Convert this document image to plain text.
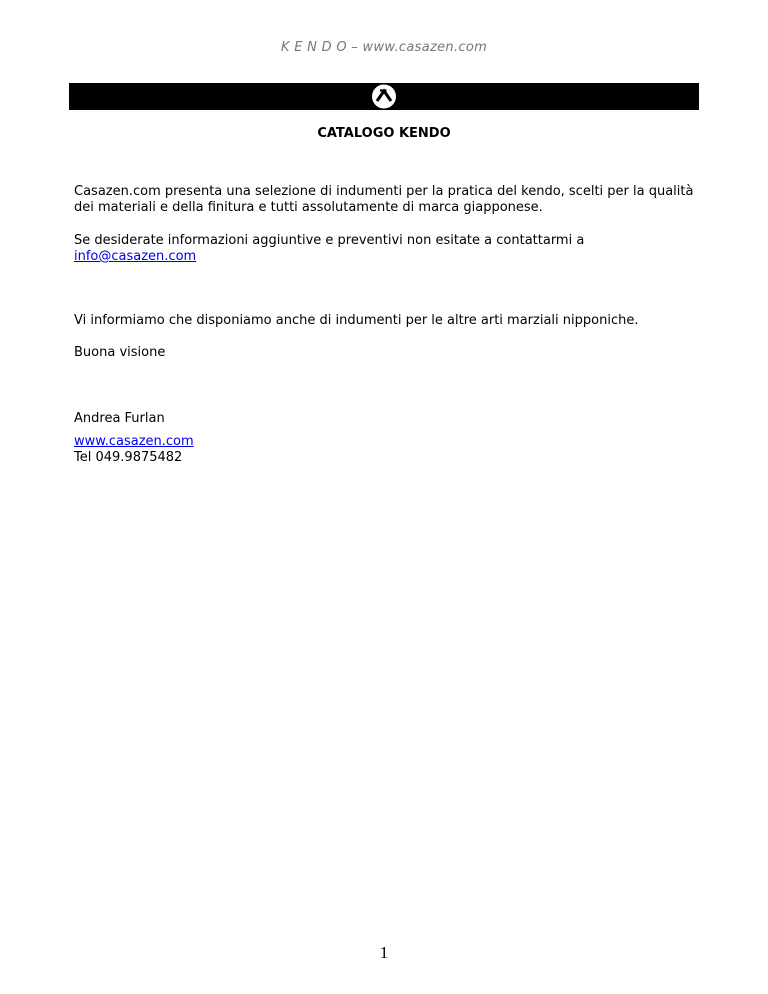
K E N D O – www.casazen.com
CATALOGO KENDO
Casazen.com presenta una selezione di indumenti per la pratica del kendo, scelti per la qualità
dei materiali e della finitura e tutti assolutamente di marca giapponese.
Se desiderate informazioni aggiuntive e preventivi non esitate a contattarmi a
info@casazen.com
Vi informiamo che disponiamo anche di indumenti per le altre arti marziali nipponiche.
Buona visione
Andrea Furlan
www.casazen.com
Tel 049.9875482
1
